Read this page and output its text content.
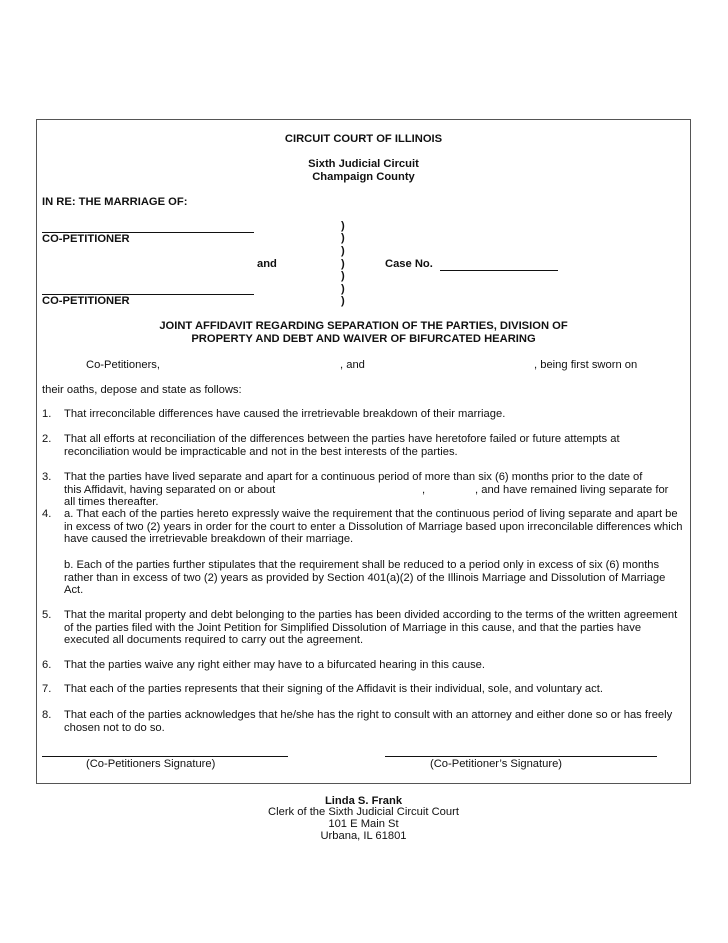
CIRCUIT COURT OF ILLINOIS
Sixth Judicial Circuit
Champaign County
IN RE: THE MARRIAGE OF:
CO-PETITIONER
and
CO-PETITIONER
)
)
)
)
)
)
)
Case No.
JOINT AFFIDAVIT REGARDING SEPARATION OF THE PARTIES, DIVISION OF
PROPERTY AND DEBT AND WAIVER OF BIFURCATED HEARING
Co-Petitioners,	, and	, being first sworn on
their oaths, depose and state as follows:
1. That irreconcilable differences have caused the irretrievable breakdown of their marriage.
2. That all efforts at reconciliation of the differences between the parties have heretofore failed or future attempts at reconciliation would be impracticable and not in the best interests of the parties.
3. That the parties have lived separate and apart for a continuous period of more than six (6) months prior to the date of
this Affidavit, having separated on or about	,	, and have remained living separate for
all times thereafter.
4. a. That each of the parties hereto expressly waive the requirement that the continuous period of living separate and apart be in excess of two (2) years in order for the court to enter a Dissolution of Marriage based upon irreconcilable differences which have caused the irretrievable breakdown of their marriage.
b. Each of the parties further stipulates that the requirement shall be reduced to a period only in excess of six (6) months rather than in excess of two (2) years as provided by Section 401(a)(2) of the Illinois Marriage and Dissolution of Marriage Act.
5. That the marital property and debt belonging to the parties has been divided according to the terms of the written agreement of the parties filed with the Joint Petition for Simplified Dissolution of Marriage in this cause, and that the parties have executed all documents required to carry out the agreement.
6. That the parties waive any right either may have to a bifurcated hearing in this cause.
7. That each of the parties represents that their signing of the Affidavit is their individual, sole, and voluntary act.
8. That each of the parties acknowledges that he/she has the right to consult with an attorney and either done so or has freely chosen not to do so.
(Co-Petitioners Signature)	(Co-Petitioner’s Signature)
Linda S. Frank
Clerk of the Sixth Judicial Circuit Court
101 E Main St
Urbana, IL 61801
